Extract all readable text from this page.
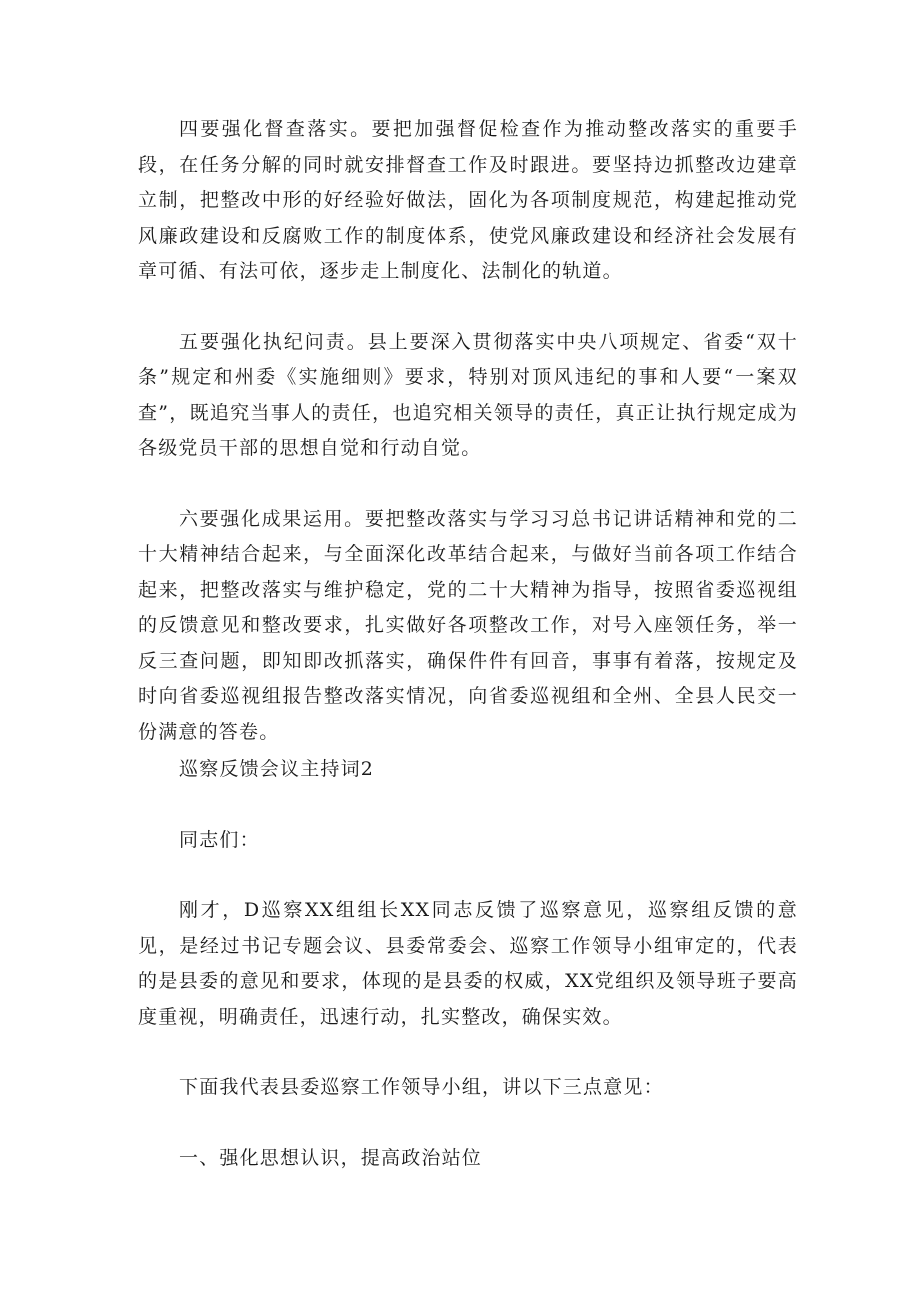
四要强化督查落实。要把加强督促检查作为推动整改落实的重要手段，在任务分解的同时就安排督查工作及时跟进。要坚持边抓整改边建章立制，把整改中形的好经验好做法，固化为各项制度规范，构建起推动党风廉政建设和反腐败工作的制度体系，使党风廉政建设和经济社会发展有章可循、有法可依，逐步走上制度化、法制化的轨道。

五要强化执纪问责。县上要深入贯彻落实中央八项规定、省委“双十条”规定和州委《实施细则》要求，特别对顶风违纪的事和人要“一案双查”，既追究当事人的责任，也追究相关领导的责任，真正让执行规定成为各级党员干部的思想自觉和行动自觉。

六要强化成果运用。要把整改落实与学习习总书记讲话精神和党的二十大精神结合起来，与全面深化改革结合起来，与做好当前各项工作结合起来，把整改落实与维护稳定，党的二十大精神为指导，按照省委巡视组的反馈意见和整改要求，扎实做好各项整改工作，对号入座领任务，举一反三查问题，即知即改抓落实，确保件件有回音，事事有着落，按规定及时向省委巡视组报告整改落实情况，向省委巡视组和全州、全县人民交一份满意的答卷。

巡察反馈会议主持词2

同志们：

刚才，D巡察XX组组长XX同志反馈了巡察意见，巡察组反馈的意见，是经过书记专题会议、县委常委会、巡察工作领导小组审定的，代表的是县委的意见和要求，体现的是县委的权威，XX党组织及领导班子要高度重视，明确责任，迅速行动，扎实整改，确保实效。

下面我代表县委巡察工作领导小组，讲以下三点意见：

一、强化思想认识，提高政治站位
